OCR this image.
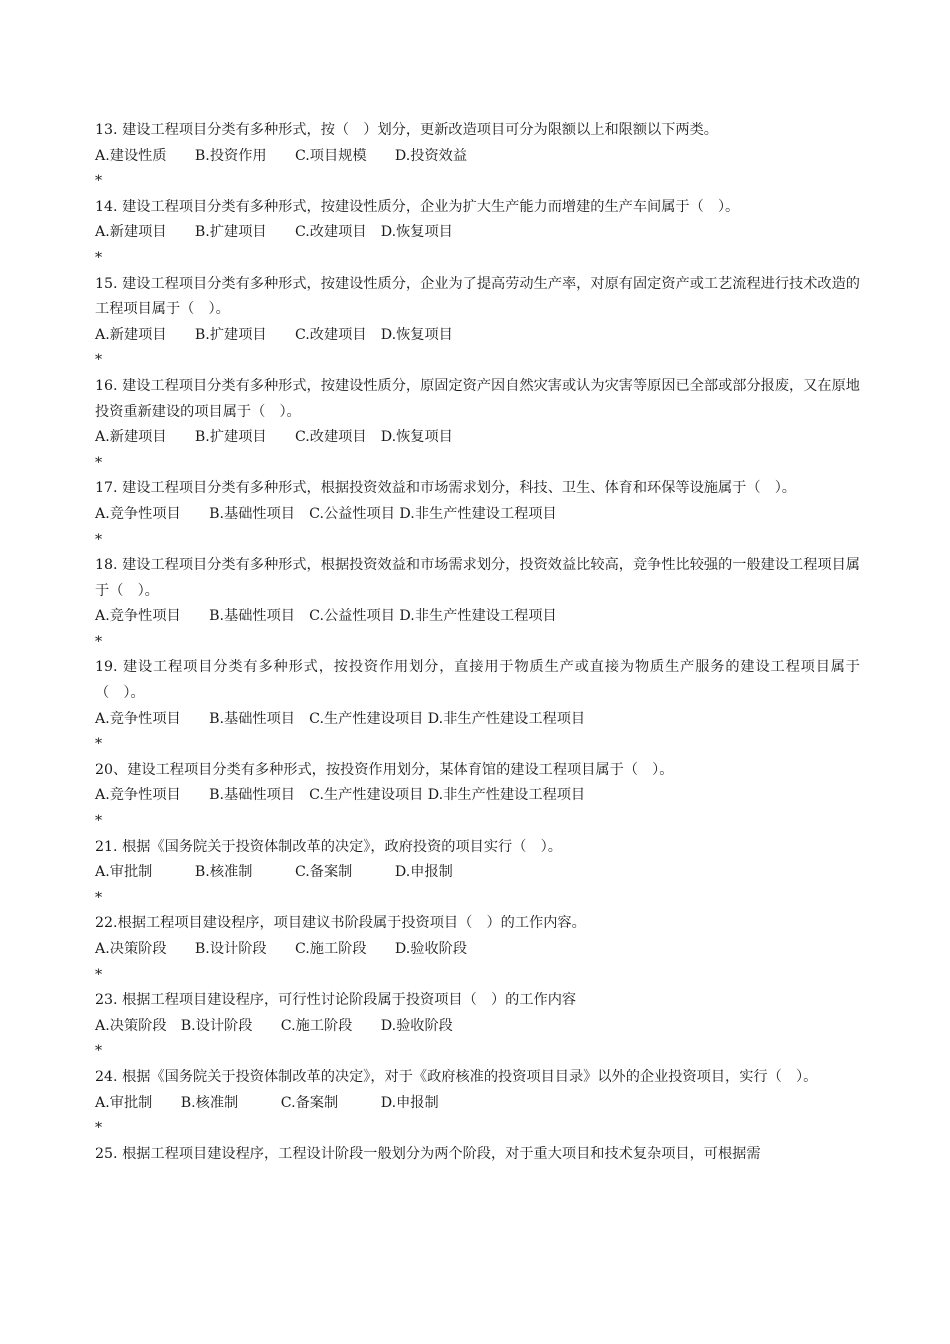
13. 建设工程项目分类有多种形式，按（　）划分，更新改造项目可分为限额以上和限额以下两类。
A.建设性质　　B.投资作用　　C.项目规模　　D.投资效益
*
14. 建设工程项目分类有多种形式，按建设性质分，企业为扩大生产能力而增建的生产车间属于（　）。
A.新建项目　　B.扩建项目　　C.改建项目　D.恢复项目
*
15. 建设工程项目分类有多种形式，按建设性质分，企业为了提高劳动生产率，对原有固定资产或工艺流程进行技术改造的工程项目属于（　）。
A.新建项目　　B.扩建项目　　C.改建项目　D.恢复项目
*
16. 建设工程项目分类有多种形式，按建设性质分，原固定资产因自然灾害或认为灾害等原因已全部或部分报废，又在原地投资重新建设的项目属于（　）。
A.新建项目　　B.扩建项目　　C.改建项目　D.恢复项目
*
17. 建设工程项目分类有多种形式，根据投资效益和市场需求划分，科技、卫生、体育和环保等设施属于（　）。
A.竞争性项目　　B.基础性项目　C.公益性项目 D.非生产性建设工程项目
*
18. 建设工程项目分类有多种形式，根据投资效益和市场需求划分，投资效益比较高，竞争性比较强的一般建设工程项目属于（　）。
A.竞争性项目　　B.基础性项目　C.公益性项目 D.非生产性建设工程项目
*
19. 建设工程项目分类有多种形式，按投资作用划分，直接用于物质生产或直接为物质生产服务的建设工程项目属于（　）。
A.竞争性项目　　B.基础性项目　C.生产性建设项目 D.非生产性建设工程项目
*
20、建设工程项目分类有多种形式，按投资作用划分，某体育馆的建设工程项目属于（　）。
A.竞争性项目　　B.基础性项目　C.生产性建设项目 D.非生产性建设工程项目
*
21. 根据《国务院关于投资体制改革的决定》，政府投资的项目实行（　）。
A.审批制　　　B.核准制　　　C.备案制　　　D.申报制
*
22.根据工程项目建设程序，项目建议书阶段属于投资项目（　）的工作内容。
A.决策阶段　　B.设计阶段　　C.施工阶段　　D.验收阶段
*
23. 根据工程项目建设程序，可行性讨论阶段属于投资项目（　）的工作内容
A.决策阶段　B.设计阶段　　C.施工阶段　　D.验收阶段
*
24. 根据《国务院关于投资体制改革的决定》，对于《政府核准的投资项目目录》以外的企业投资项目，实行（　）。
A.审批制　　B.核准制　　　C.备案制　　　D.申报制
*
25. 根据工程项目建设程序，工程设计阶段一般划分为两个阶段，对于重大项目和技术复杂项目，可根据需
